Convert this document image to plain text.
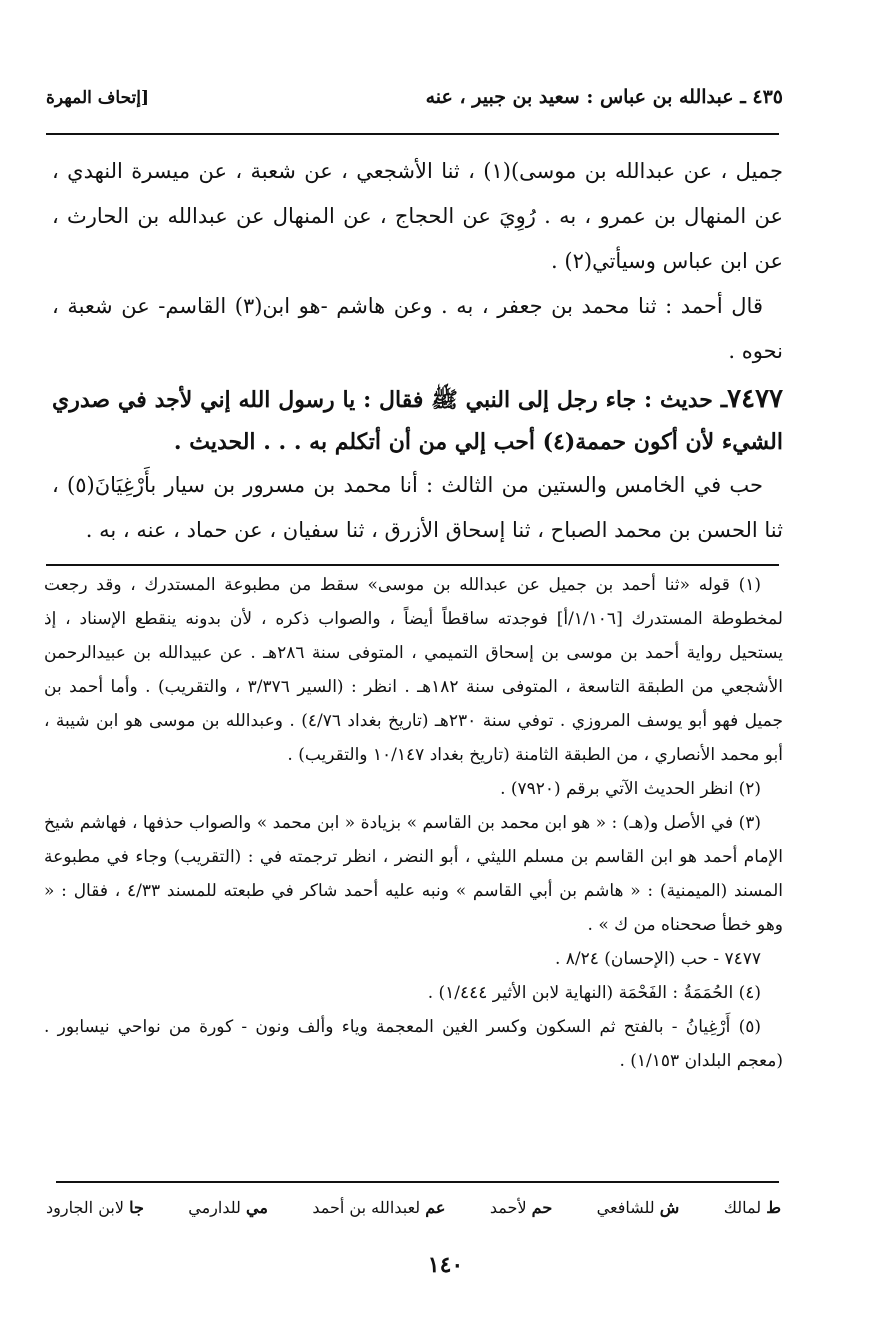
[إتحاف المهرة	٤٣٥ ـ عبدالله بن عباس : سعيد بن جبير ، عنه

جميل ، عن عبدالله بن موسى)(١) ، ثنا الأشجعي ، عن شعبة ، عن ميسرة النهدي ، عن المنهال بن عمرو ، به . رُوِيَ عن الحجاج ، عن المنهال عن عبدالله بن الحارث ، عن ابن عباس وسيأتي(٢) .

قال أحمد : ثنا محمد بن جعفر ، به . وعن هاشم -هو ابن(٣) القاسم- عن شعبة ، نحوه .

٧٤٧٧ـ حديث : جاء رجل إلى النبي ﷺ فقال : يا رسول الله إني لأجد في صدري الشيء لأن أكون حممة(٤) أحب إلي من أن أتكلم به . . . الحديث .

حب في الخامس والستين من الثالث : أنا محمد بن مسرور بن سيار بأَرْغِيَانَ(٥) ، ثنا الحسن بن محمد الصباح ، ثنا إسحاق الأزرق ، ثنا سفيان ، عن حماد ، عنه ، به .

(١) قوله «ثنا أحمد بن جميل عن عبدالله بن موسى» سقط من مطبوعة المستدرك ، وقد رجعت لمخطوطة المستدرك [١/١٠٦/أ] فوجدته ساقطاً أيضاً ، والصواب ذكره ، لأن بدونه ينقطع الإسناد ، إذ يستحيل رواية أحمد بن موسى بن إسحاق التميمي ، المتوفى سنة ٢٨٦هـ . عن عبيدالله بن عبيدالرحمن الأشجعي من الطبقة التاسعة ، المتوفى سنة ١٨٢هـ . انظر : (السير ٣/٣٧٦ ، والتقريب) . وأما أحمد بن جميل فهو أبو يوسف المروزي . توفي سنة ٢٣٠هـ (تاريخ بغداد ٤/٧٦) . وعبدالله بن موسى هو ابن شيبة ، أبو محمد الأنصاري ، من الطبقة الثامنة (تاريخ بغداد ١٠/١٤٧ والتقريب) .

(٢) انظر الحديث الآتي برقم (٧٩٢٠) .

(٣) في الأصل و(هـ) : « هو ابن محمد بن القاسم » بزيادة « ابن محمد » والصواب حذفها ، فهاشم شيخ الإمام أحمد هو ابن القاسم بن مسلم الليثي ، أبو النضر ، انظر ترجمته في : (التقريب) وجاء في مطبوعة المسند (الميمنية) : « هاشم بن أبي القاسم » ونبه عليه أحمد شاكر في طبعته للمسند ٤/٣٣ ، فقال : « وهو خطأ صححناه من ك » .

٧٤٧٧ - حب (الإحسان) ٨/٢٤ .

(٤) الحُمَمَةُ : الفَحْمَة (النهاية لابن الأثير ١/٤٤٤) .

(٥) أَرْغِيانُ - بالفتح ثم السكون وكسر الغين المعجمة وياء وألف ونون - كورة من نواحي نيسابور . (معجم البلدان ١/١٥٣) .

ط لمالك
ش للشافعي
حم لأحمد
عم لعبدالله بن أحمد
مي للدارمي
جا لابن الجارود
١٤٠
